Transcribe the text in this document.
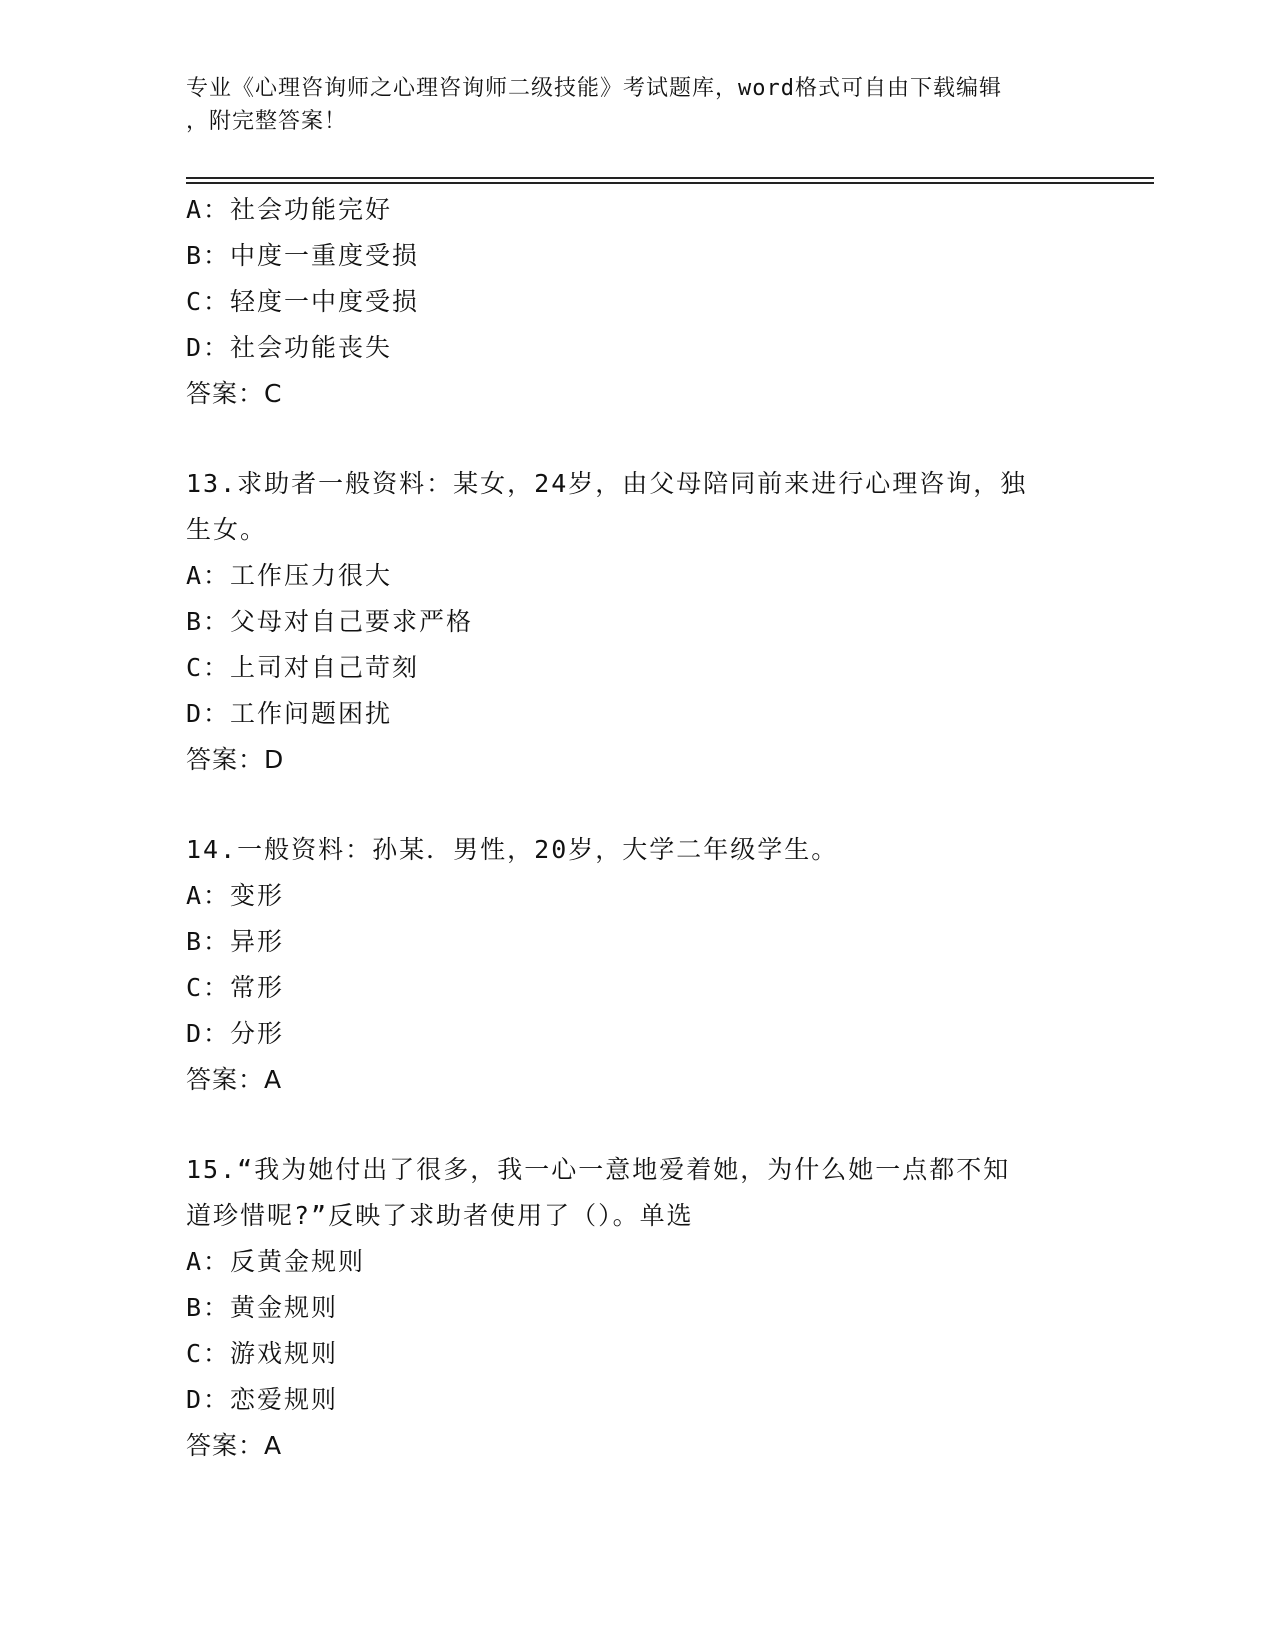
专业《心理咨询师之心理咨询师二级技能》考试题库，word格式可自由下载编辑
，附完整答案！
A：社会功能完好
B：中度一重度受损
C：轻度一中度受损
D：社会功能丧失
答案：C
13.求助者一般资料：某女，24岁，由父母陪同前来进行心理咨询，独
生女。
A：工作压力很大
B：父母对自己要求严格
C：上司对自己苛刻
D：工作问题困扰
答案：D
14.一般资料：孙某．男性，20岁，大学二年级学生。
A：变形
B：异形
C：常形
D：分形
答案：A
15.“我为她付出了很多，我一心一意地爱着她，为什么她一点都不知
道珍惜呢?”反映了求助者使用了（）。单选
A：反黄金规则
B：黄金规则
C：游戏规则
D：恋爱规则
答案：A
